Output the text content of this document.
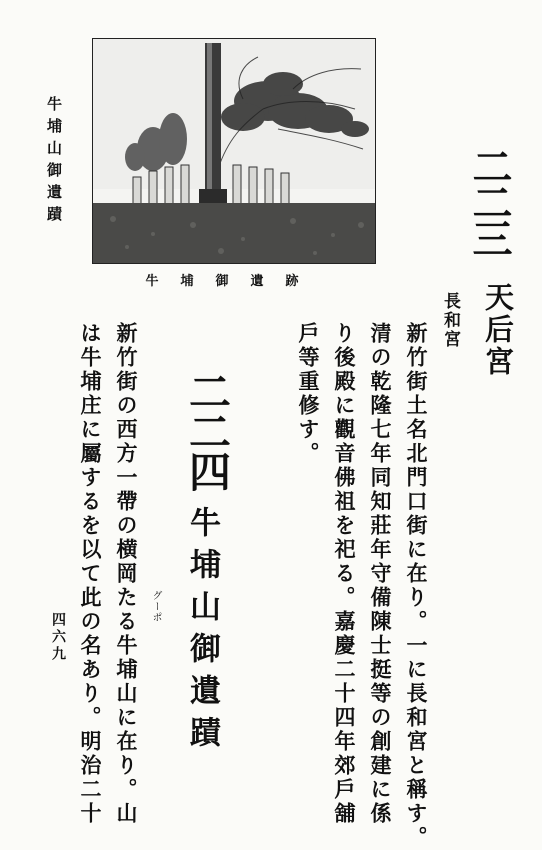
牛埔山御遺蹟
牛埔御遺跡
二二三
天后宮
長和宮
新竹街土名北門口街に在り。一に長和宮と稱す。
清の乾隆七年同知莊年守備陳士挺等の創建に係
り後殿に觀音佛祖を祀る。嘉慶二十四年郊戶舖
戶等重修す。
二二四
牛埔山御遺蹟
グーポ
新竹街の西方一帶の横岡たる牛埔山に在り。山
は牛埔庄に屬するを以て此の名あり。明治二十
四六九
